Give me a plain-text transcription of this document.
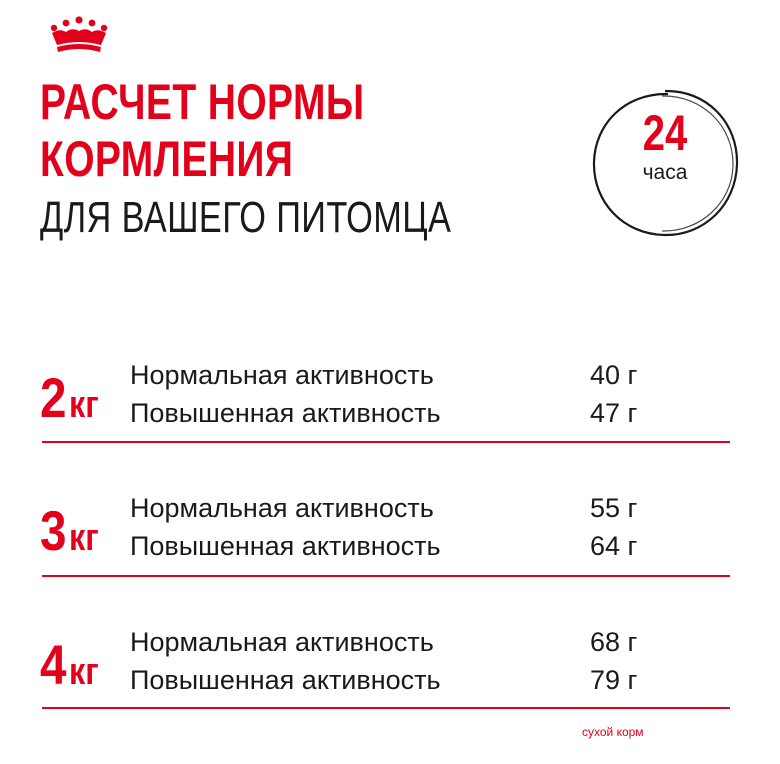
РАСЧЕТ НОРМЫ
КОРМЛЕНИЯ
ДЛЯ ВАШЕГО ПИТОМЦА
24
часа
2кг
Нормальная активность	40 г
Повышенная активность	47 г
3кг
Нормальная активность	55 г
Повышенная активность	64 г
4кг
Нормальная активность	68 г
Повышенная активность	79 г
сухой корм
